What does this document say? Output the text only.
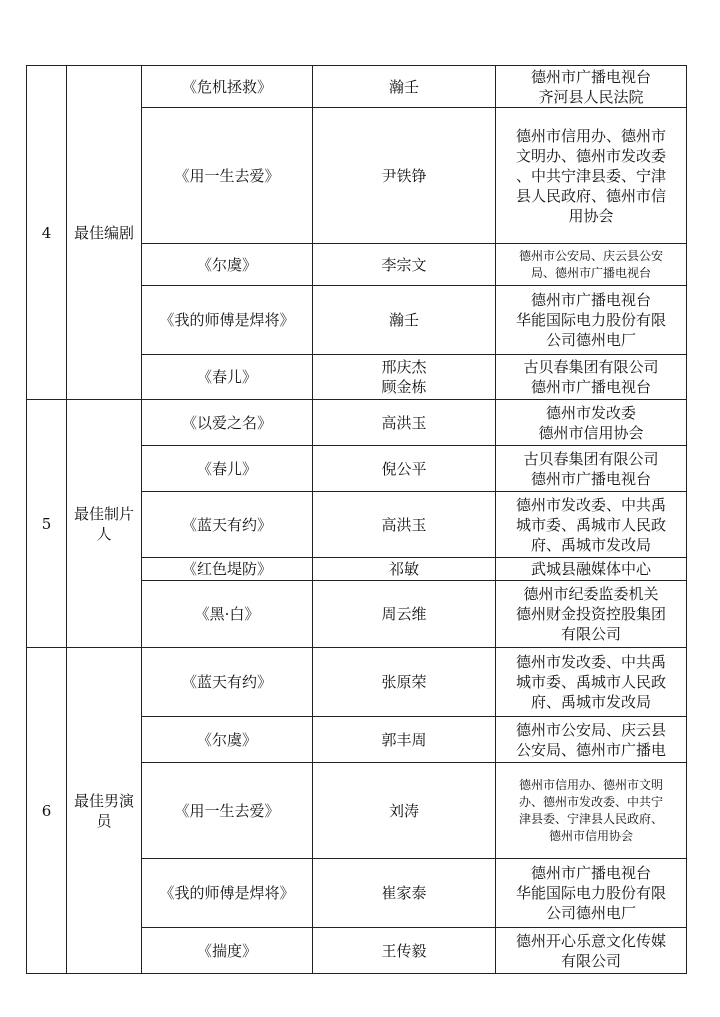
4	最佳编剧	《危机拯救》	瀚壬	德州市广播电视台
齐河县人民法院

		《用一生去爱》	尹铁铮	德州市信用办、德州市
文明办、德州市发改委
、中共宁津县委、宁津
县人民政府、德州市信
用协会

		《尔虞》	李宗文	德州市公安局、庆云县公安
局、德州市广播电视台

		《我的师傅是焊将》	瀚壬	德州市广播电视台
华能国际电力股份有限
公司德州电厂

		《春儿》	邢庆杰
顾金栋	古贝春集团有限公司
德州市广播电视台

5	最佳制片人	《以爱之名》	高洪玉	德州市发改委
德州市信用协会

		《春儿》	倪公平	古贝春集团有限公司
德州市广播电视台

		《蓝天有约》	高洪玉	德州市发改委、中共禹
城市委、禹城市人民政
府、禹城市发改局

		《红色堤防》	祁敏	武城县融媒体中心

		《黑·白》	周云维	德州市纪委监委机关
德州财金投资控股集团
有限公司

6	最佳男演员	《蓝天有约》	张原荣	德州市发改委、中共禹
城市委、禹城市人民政
府、禹城市发改局

		《尔虞》	郭丰周	德州市公安局、庆云县
公安局、德州市广播电

		《用一生去爱》	刘涛	德州市信用办、德州市文明
办、德州市发改委、中共宁
津县委、宁津县人民政府、
德州市信用协会

		《我的师傅是焊将》	崔家泰	德州市广播电视台
华能国际电力股份有限
公司德州电厂

		《揣度》	王传毅	德州开心乐意文化传媒
有限公司
